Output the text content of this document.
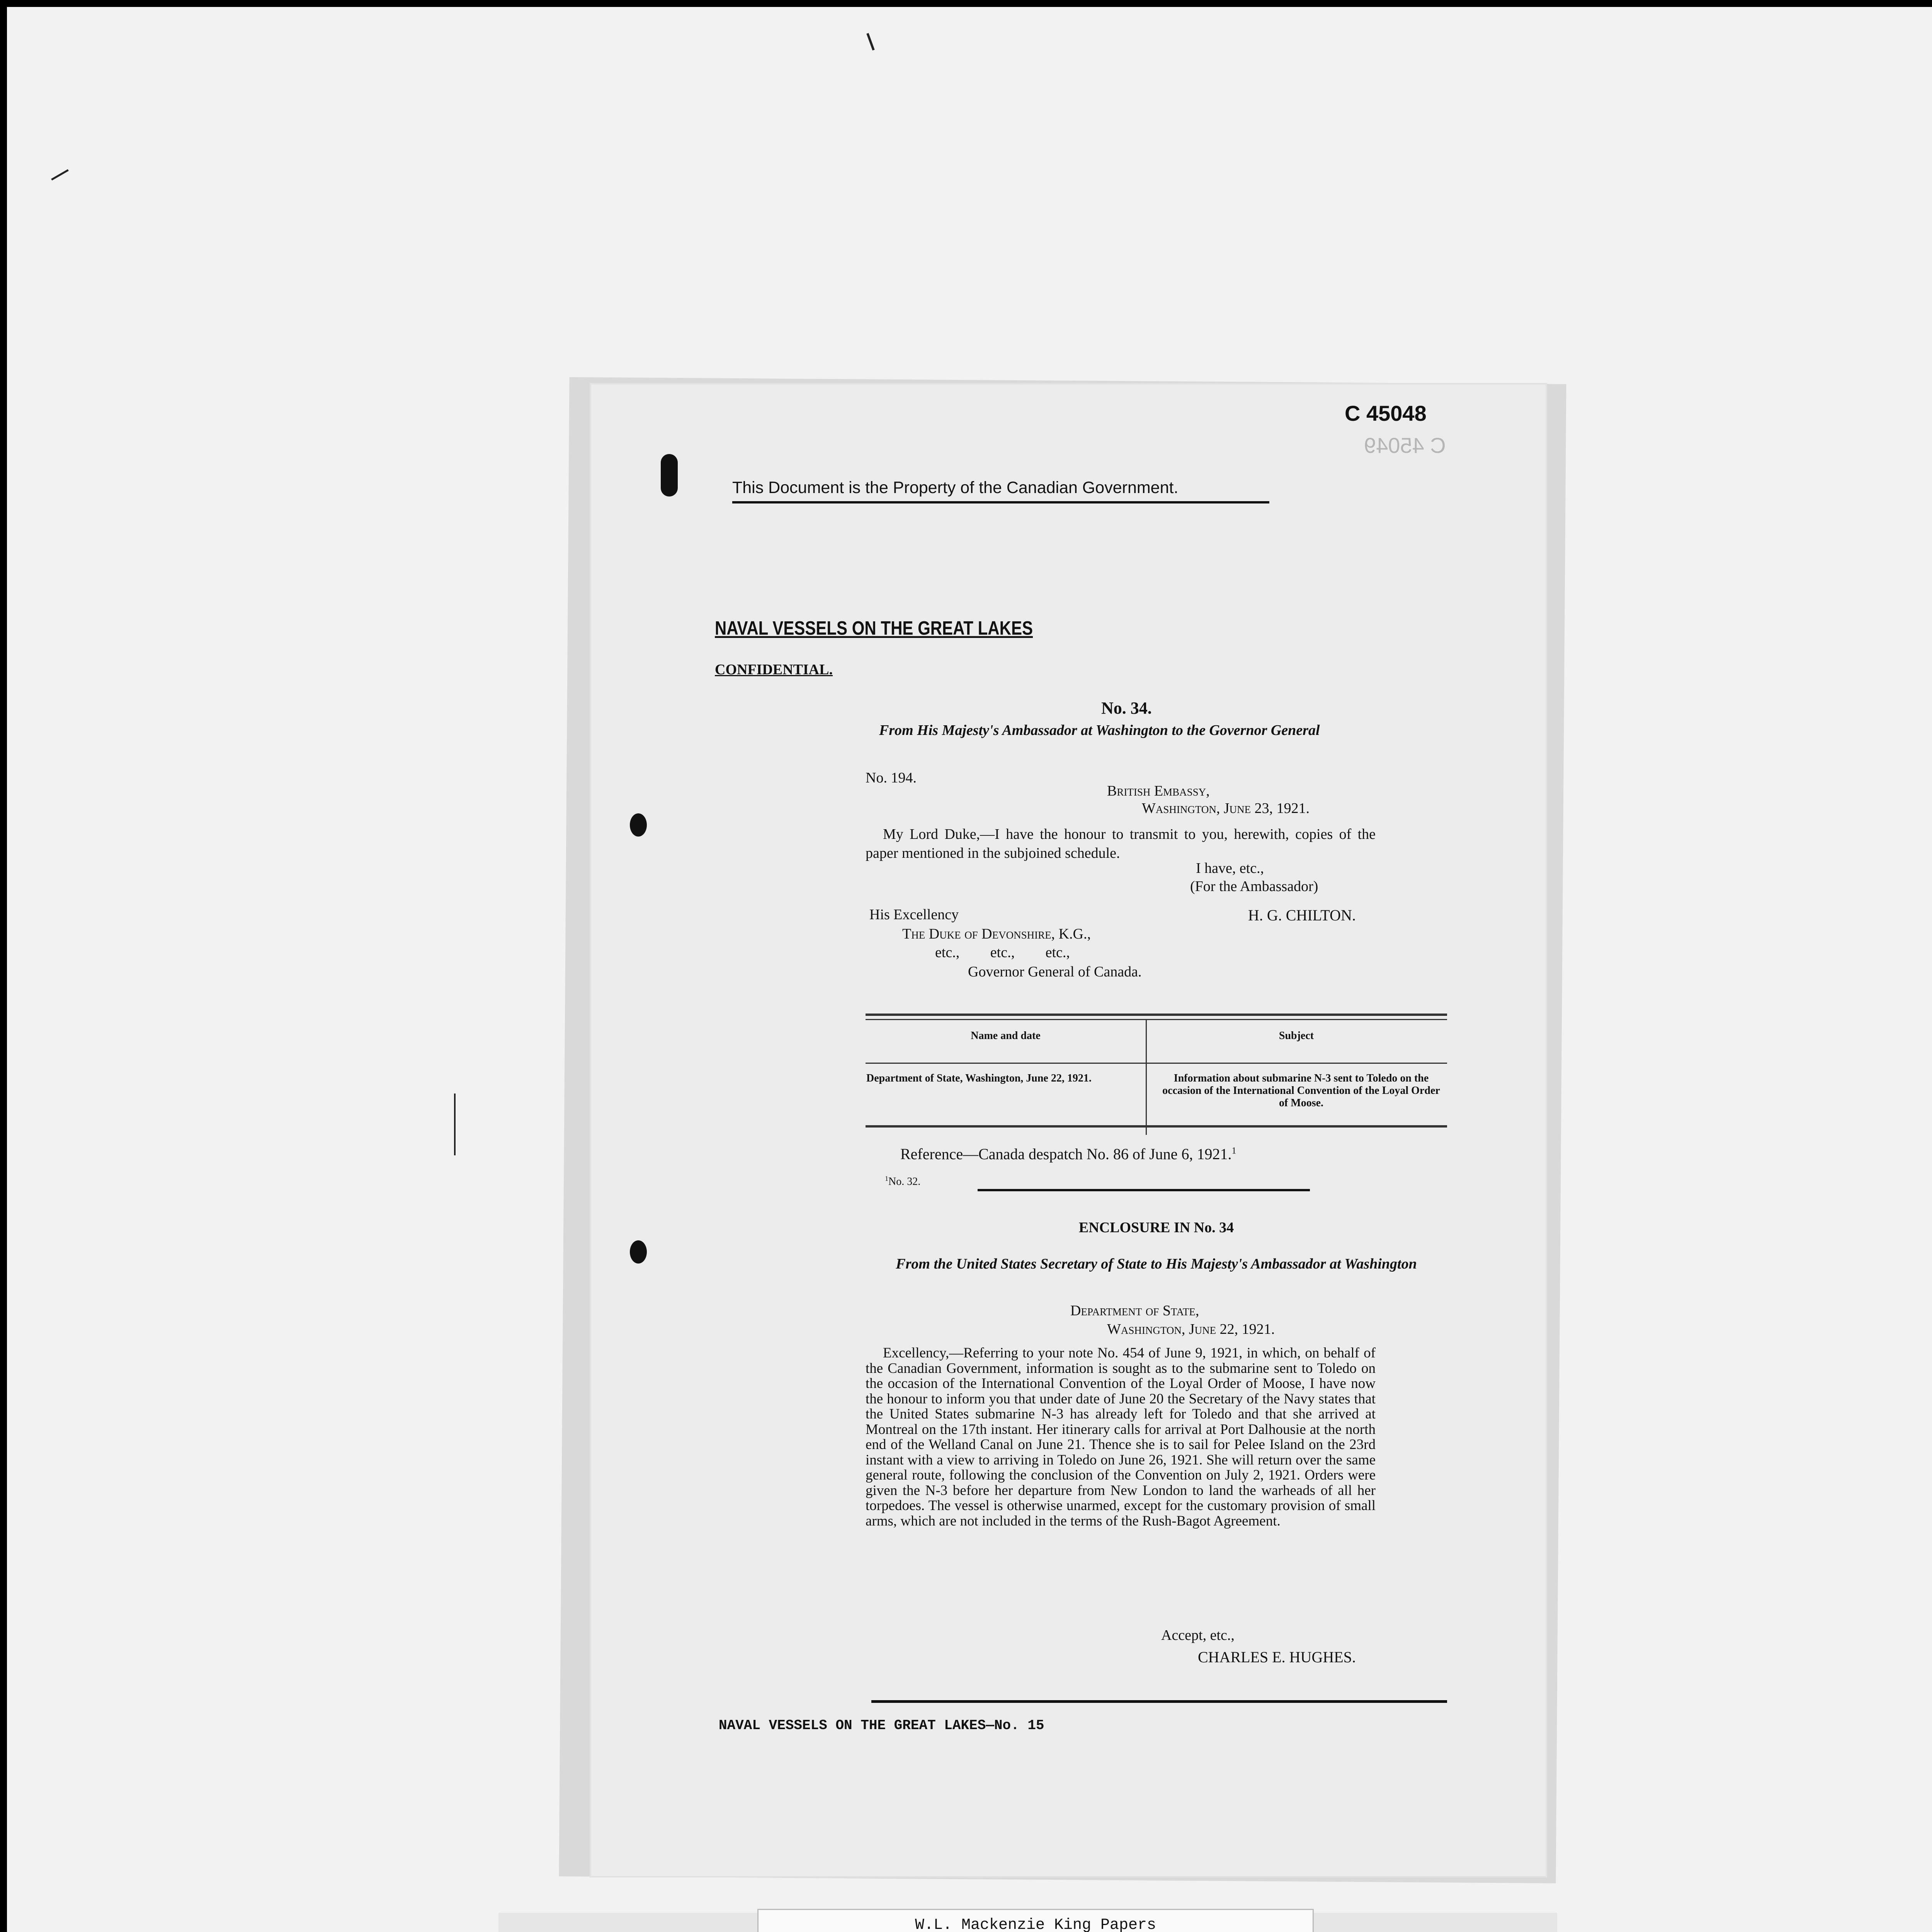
C 45048
C 45049
This Document is the Property of the Canadian Government.
NAVAL VESSELS ON THE GREAT LAKES
CONFIDENTIAL.
No. 34.
From His Majesty's Ambassador at Washington to the Governor General
No. 194.
British Embassy,
Washington, June 23, 1921.
My Lord Duke,—I have the honour to transmit to you, herewith, copies of the paper mentioned in the subjoined schedule.
I have, etc.,
(For the Ambassador)
His Excellency	H. G. CHILTON.
The Duke of Devonshire, K.G.,
etc., etc., etc.,
Governor General of Canada.
Name and date	Subject
Department of State, Washington, June 22, 1921.	Information about submarine N-3 sent to Toledo on the occasion of the International Convention of the Loyal Order of Moose.
Reference—Canada despatch No. 86 of June 6, 1921.$^1$
$^1$No. 32.
ENCLOSURE IN No. 34
From the United States Secretary of State to His Majesty's Ambassador at Washington
Department of State,
Washington, June 22, 1921.
Excellency,—Referring to your note No. 454 of June 9, 1921, in which, on behalf of the Canadian Government, information is sought as to the submarine sent to Toledo on the occasion of the International Convention of the Loyal Order of Moose, I have now the honour to inform you that under date of June 20 the Secretary of the Navy states that the United States submarine N-3 has already left for Toledo and that she arrived at Montreal on the 17th instant. Her itinerary calls for arrival at Port Dalhousie at the north end of the Welland Canal on June 21. Thence she is to sail for Pelee Island on the 23rd instant with a view to arriving in Toledo on June 26, 1921. She will return over the same general route, following the conclusion of the Convention on July 2, 1921. Orders were given the N-3 before her departure from New London to land the warheads of all her torpedoes. The vessel is otherwise unarmed, except for the customary provision of small arms, which are not included in the terms of the Rush-Bagot Agreement.
Accept, etc.,
CHARLES E. HUGHES.
NAVAL VESSELS ON THE GREAT LAKES—No. 15
W.L. Mackenzie King Papers
